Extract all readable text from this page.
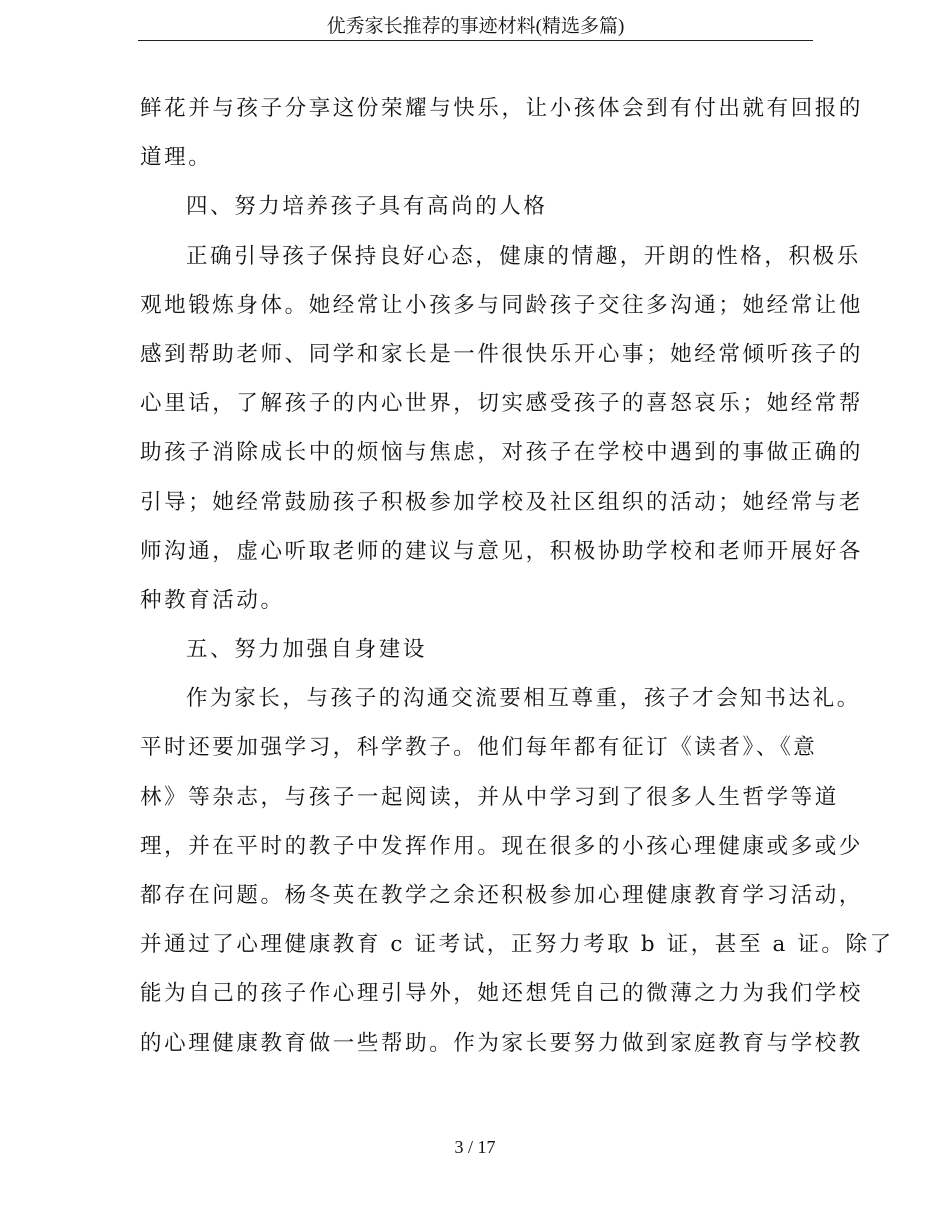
优秀家长推荐的事迹材料(精选多篇)
鲜花并与孩子分享这份荣耀与快乐，让小孩体会到有付出就有回报的
道理。
四、努力培养孩子具有高尚的人格
正确引导孩子保持良好心态，健康的情趣，开朗的性格，积极乐
观地锻炼身体。她经常让小孩多与同龄孩子交往多沟通；她经常让他
感到帮助老师、同学和家长是一件很快乐开心事；她经常倾听孩子的
心里话，了解孩子的内心世界，切实感受孩子的喜怒哀乐；她经常帮
助孩子消除成长中的烦恼与焦虑，对孩子在学校中遇到的事做正确的
引导；她经常鼓励孩子积极参加学校及社区组织的活动；她经常与老
师沟通，虚心听取老师的建议与意见，积极协助学校和老师开展好各
种教育活动。
五、努力加强自身建设
作为家长，与孩子的沟通交流要相互尊重，孩子才会知书达礼。
平时还要加强学习，科学教子。他们每年都有征订《读者》、《意
林》等杂志，与孩子一起阅读，并从中学习到了很多人生哲学等道
理，并在平时的教子中发挥作用。现在很多的小孩心理健康或多或少
都存在问题。杨冬英在教学之余还积极参加心理健康教育学习活动，
并通过了心理健康教育 c 证考试，正努力考取 b 证，甚至 a 证。除了
能为自己的孩子作心理引导外，她还想凭自己的微薄之力为我们学校
的心理健康教育做一些帮助。作为家长要努力做到家庭教育与学校教
3 / 17
